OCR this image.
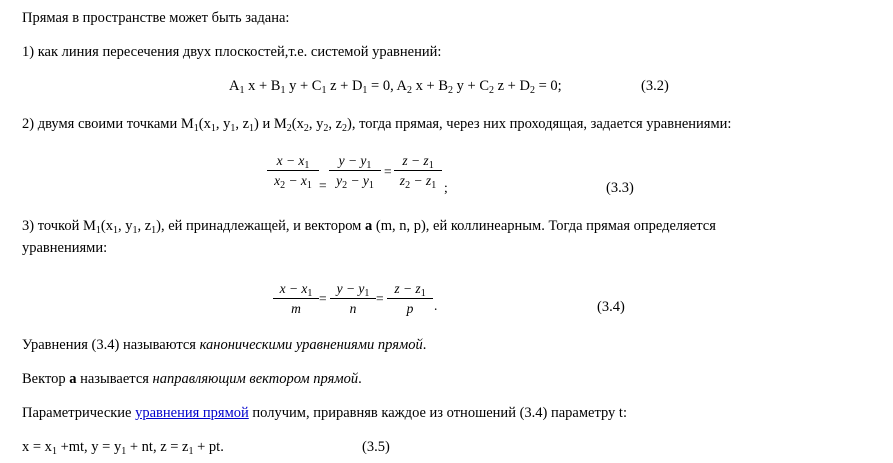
Прямая в пространстве может быть задана:
1) как линия пересечения двух плоскостей,т.е. системой уравнений:
$A_1$ $x + B_1$ $y + C_1$ $z + D_1 = 0$, $A_2$ $x + B_2$ $y + C_2$ $z + D_2 = 0$;	(3.2)
2) двумя своими точками $M_1(x_1$, $y_1$, $z_1$) и $M_2(x_2$, $y_2$, $z_2$), тогда прямая, через них проходящая, задается уравнениями:
$\frac{x - x_1}{x_2 - x_1} = \frac{y - y_1}{y_2 - y_1} = \frac{z - z_1}{z_2 - z_1}$ ;	(3.3)
3) точкой $M_1(x_1$, $y_1$, $z_1$), ей принадлежащей, и вектором a (m, n, p), ей коллинеарным. Тогда прямая определяется
уравнениями:
$\frac{x - x_1}{m} = \frac{y - y_1}{n} = \frac{z - z_1}{p}$ .	(3.4)
Уравнения (3.4) называются каноническими уравнениями прямой.
Вектор a называется направляющим вектором прямой.
Параметрические уравнения прямой получим, приравняв каждое из отношений (3.4) параметру t:
$x = x_1 +mt$, $y = y_1$ + nt, $z = z_1$ + pt.	(3.5)
